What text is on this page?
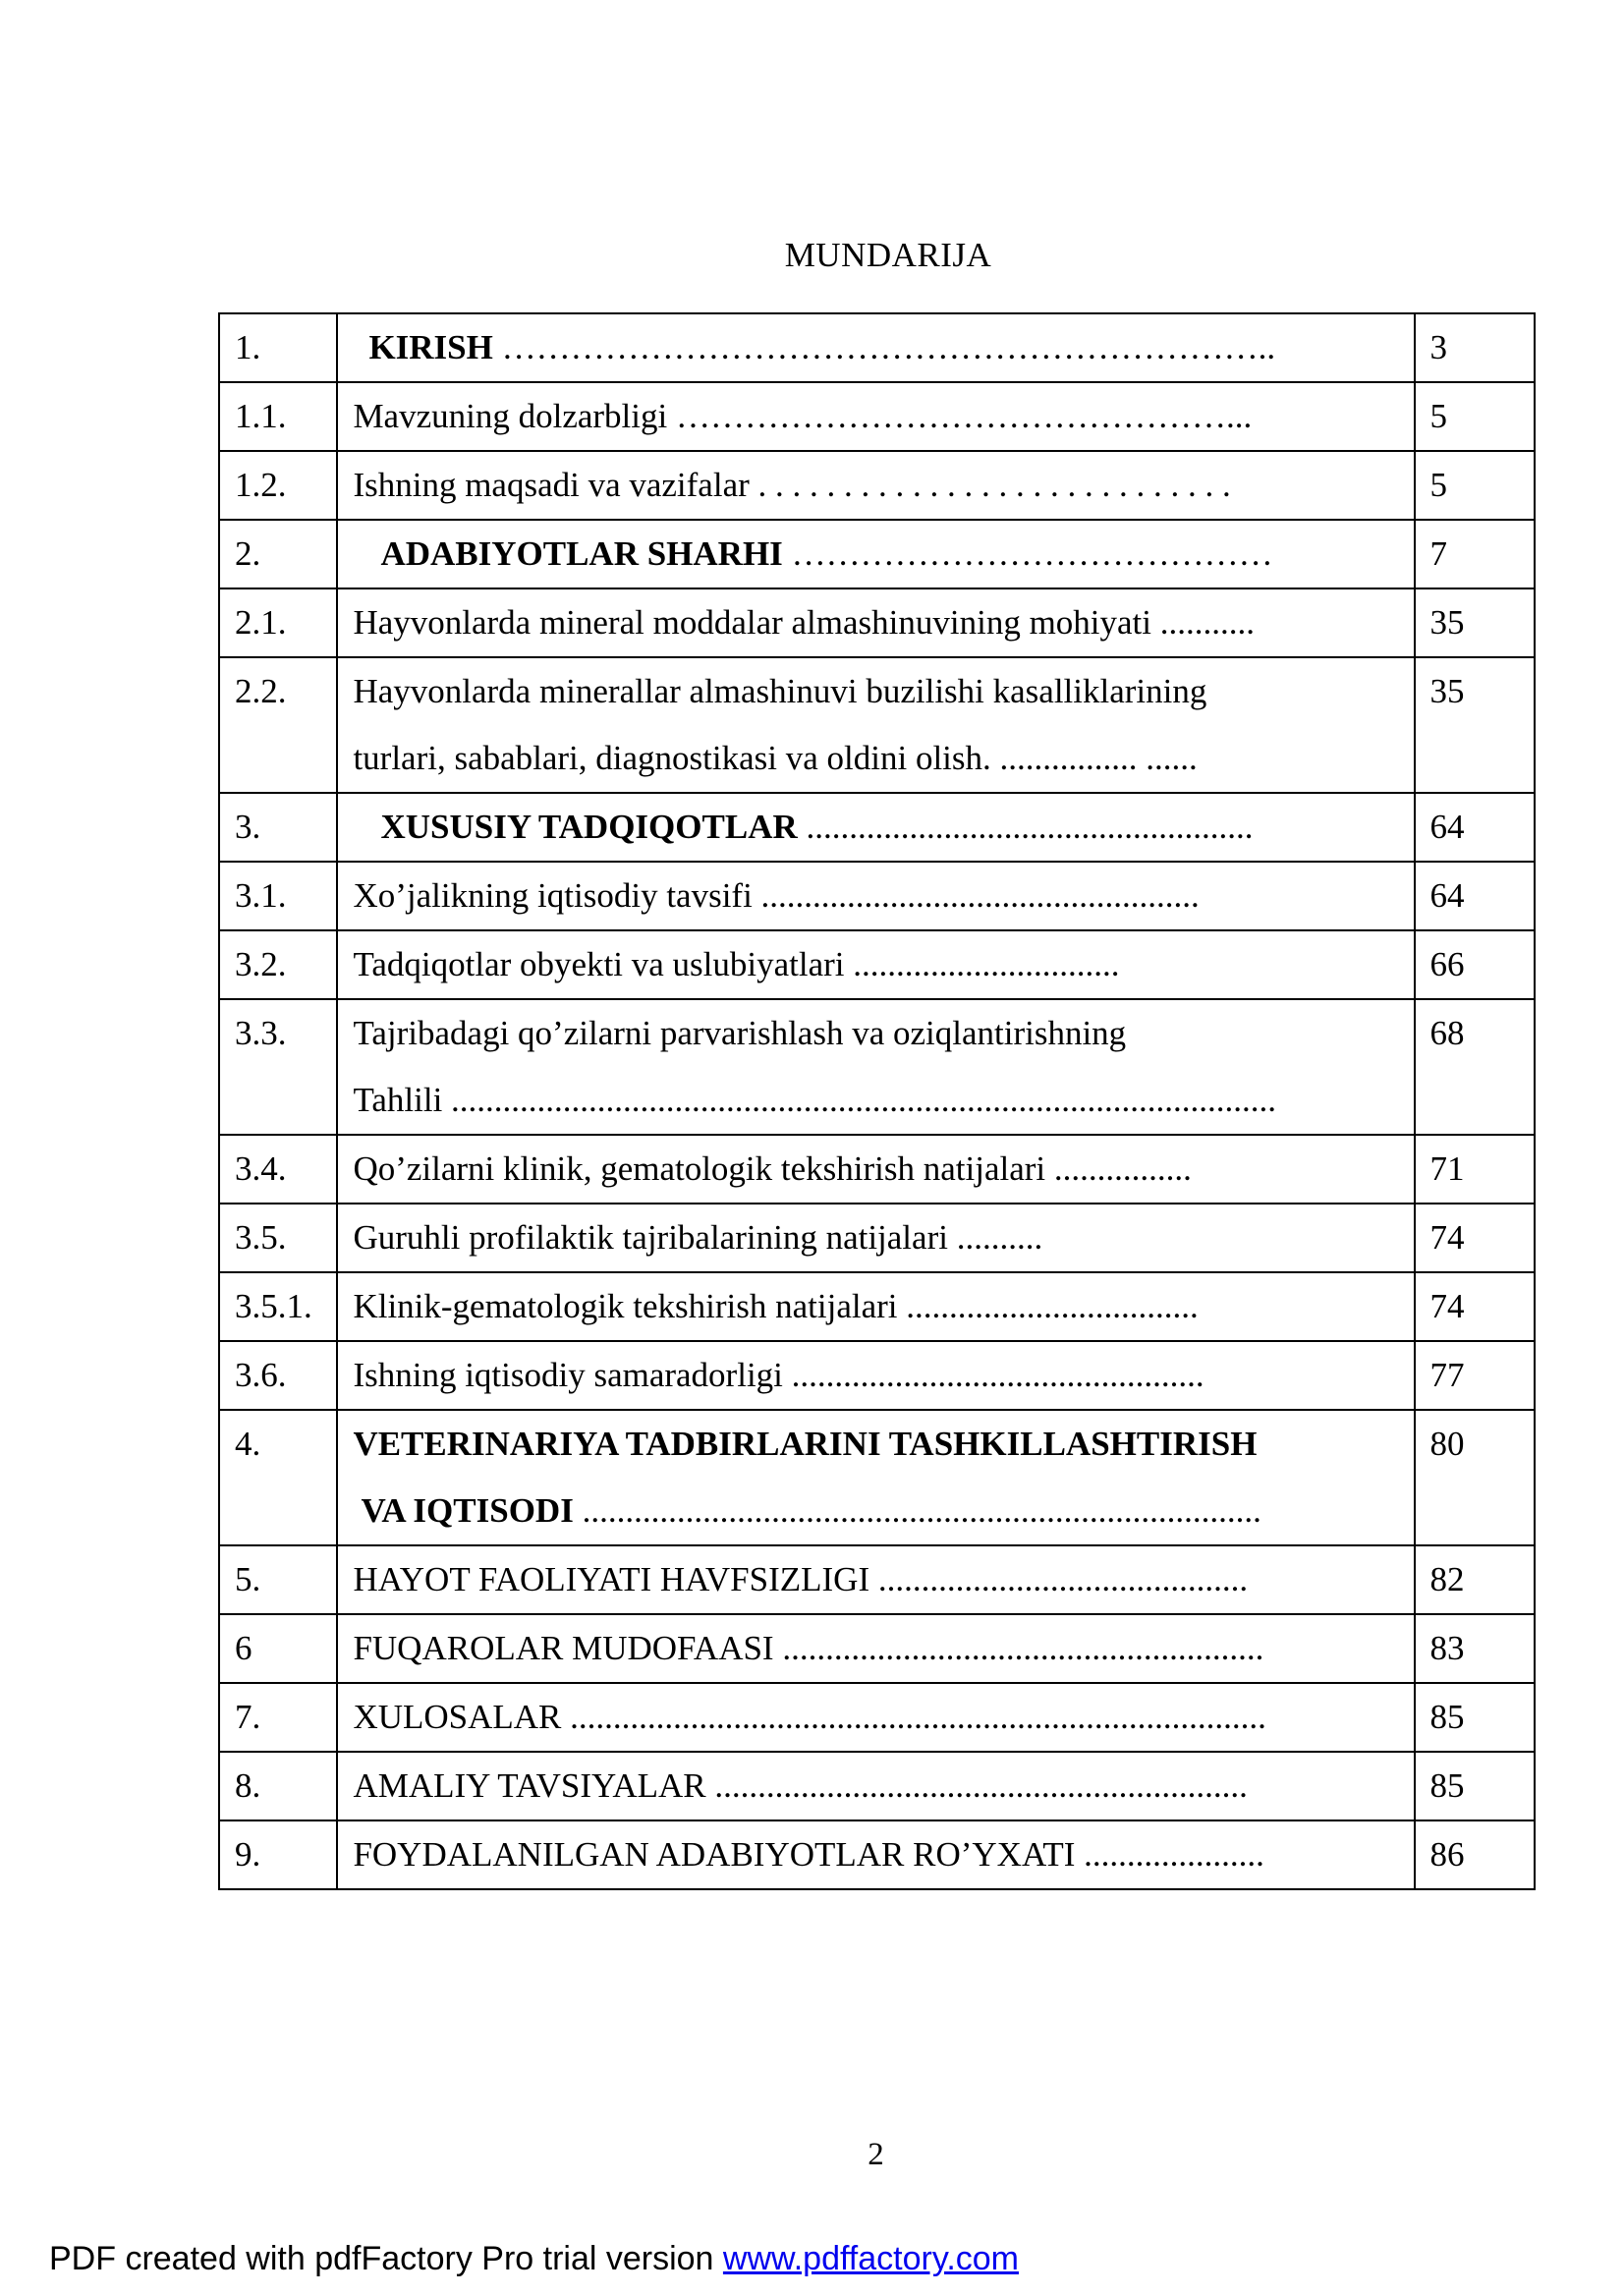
MUNDARIJA
1.	KIRISH …………………………………………………………..	3
1.1.	Mavzuning dolzarbligi …………………………………………...	5
1.2.	Ishning maqsadi va vazifalar . . . . . . . . . . . . . . . . . . . . . . . . . . . .	5
2.	ADABIYOTLAR SHARHI ……………………………………	7
2.1.	Hayvonlarda mineral moddalar almashinuvining mohiyati ...........	35
2.2.	Hayvonlarda minerallar almashinuvi buzilishi kasalliklarining
turlari, sabablari, diagnostikasi va oldini olish. ................ ......	35
3.	XUSUSIY TADQIQOTLAR ....................................................	64
3.1.	Xo’jalikning iqtisodiy tavsifi ...................................................	64
3.2.	Tadqiqotlar obyekti va uslubiyatlari ...............................	66
3.3.	Tajribadagi qo’zilarni parvarishlash va oziqlantirishning
Tahlili ................................................................................................	68
3.4.	Qo’zilarni klinik, gematologik tekshirish natijalari ................	71
3.5.	Guruhli profilaktik tajribalarining natijalari ..........	74
3.5.1.	Klinik-gematologik tekshirish natijalari ..................................	74
3.6.	Ishning iqtisodiy samaradorligi ................................................	77
4.	VETERINARIYA TADBIRLARINI TASHKILLASHTIRISH
VA IQTISODI ...............................................................................	80
5.	HAYOT FAOLIYATI HAVFSIZLIGI ...........................................	82
6	FUQAROLAR MUDOFAASI ........................................................	83
7.	XULOSALAR .................................................................................	85
8.	AMALIY TAVSIYALAR ..............................................................	85
9.	FOYDALANILGAN ADABIYOTLAR RO’YXATI .....................	86
2
PDF created with pdfFactory Pro trial version www.pdffactory.com
